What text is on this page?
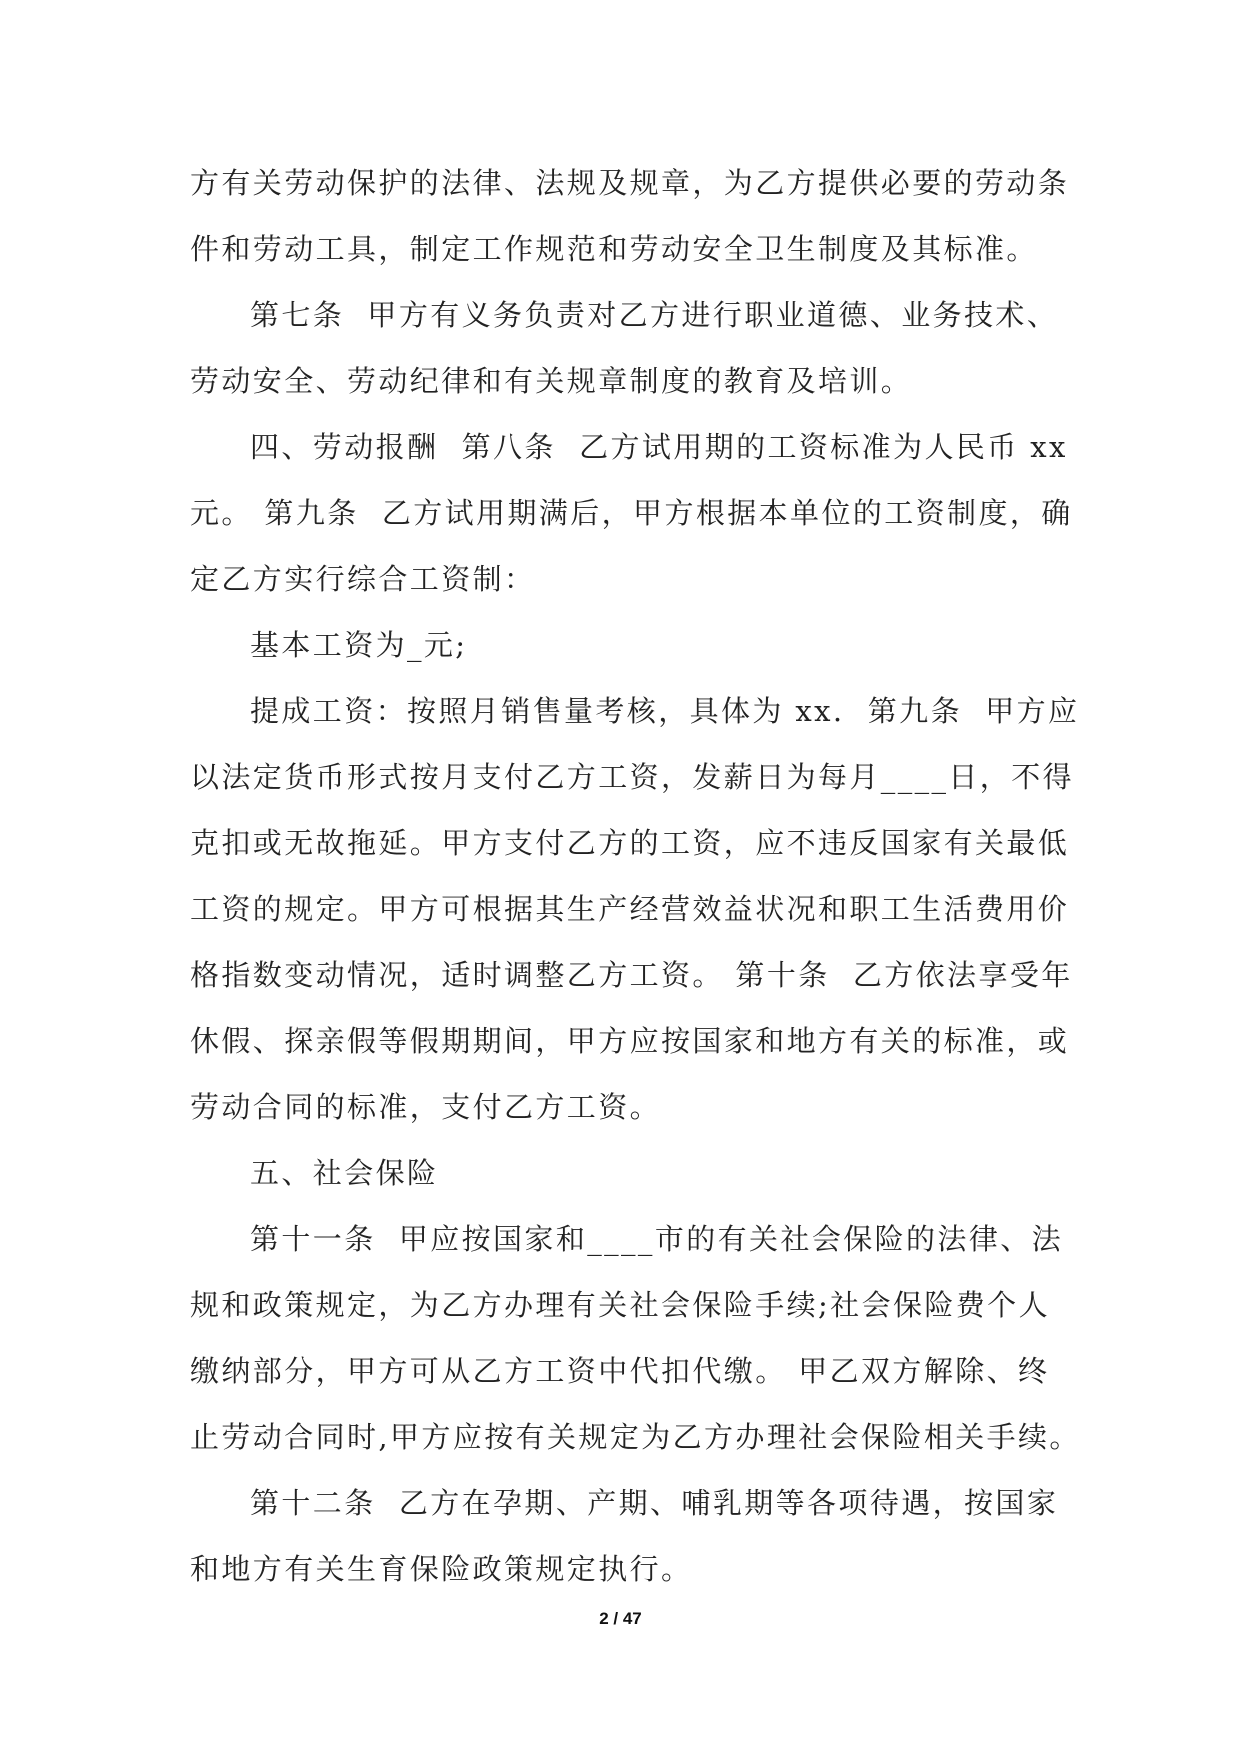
方有关劳动保护的法律、法规及规章，为乙方提供必要的劳动条
件和劳动工具，制定工作规范和劳动安全卫生制度及其标准。
第七条  甲方有义务负责对乙方进行职业道德、业务技术、
劳动安全、劳动纪律和有关规章制度的教育及培训。
四、劳动报酬  第八条  乙方试用期的工资标准为人民币 xx
元。 第九条  乙方试用期满后，甲方根据本单位的工资制度，确
定乙方实行综合工资制：
基本工资为_元;
提成工资：按照月销售量考核，具体为 xx.  第九条  甲方应
以法定货币形式按月支付乙方工资，发薪日为每月____日，不得
克扣或无故拖延。甲方支付乙方的工资，应不违反国家有关最低
工资的规定。甲方可根据其生产经营效益状况和职工生活费用价
格指数变动情况，适时调整乙方工资。 第十条  乙方依法享受年
休假、探亲假等假期期间，甲方应按国家和地方有关的标准，或
劳动合同的标准，支付乙方工资。
五、社会保险
第十一条  甲应按国家和____市的有关社会保险的法律、法
规和政策规定，为乙方办理有关社会保险手续;社会保险费个人
缴纳部分，甲方可从乙方工资中代扣代缴。 甲乙双方解除、终
止劳动合同时,甲方应按有关规定为乙方办理社会保险相关手续。
第十二条  乙方在孕期、产期、哺乳期等各项待遇，按国家
和地方有关生育保险政策规定执行。
2 / 47
